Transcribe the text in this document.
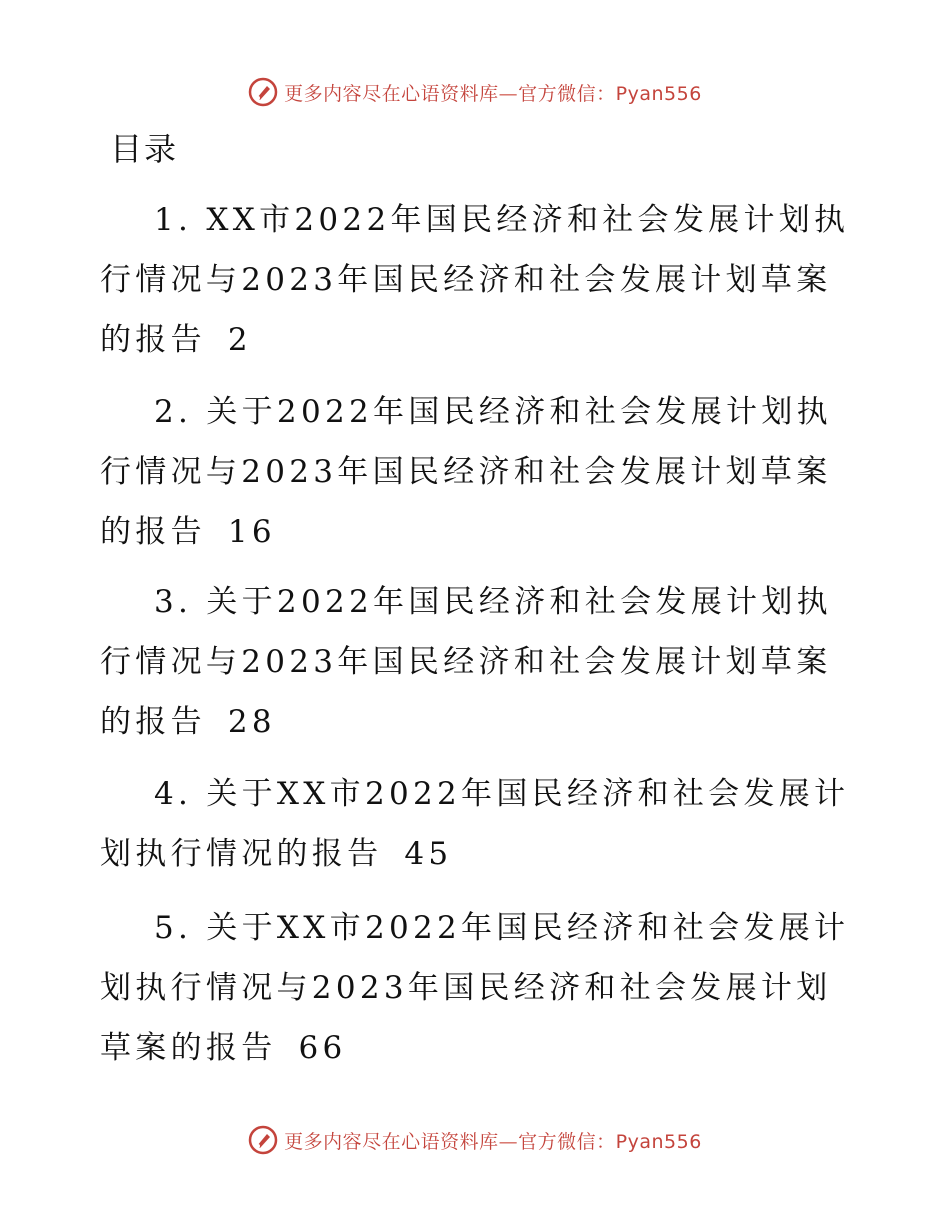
更多内容尽在心语资料库—官方微信：Pyan556
目录
1. XX市2022年国民经济和社会发展计划执行情况与2023年国民经济和社会发展计划草案的报告 2
2. 关于2022年国民经济和社会发展计划执行情况与2023年国民经济和社会发展计划草案的报告 16
3. 关于2022年国民经济和社会发展计划执行情况与2023年国民经济和社会发展计划草案的报告 28
4. 关于XX市2022年国民经济和社会发展计划执行情况的报告 45
5. 关于XX市2022年国民经济和社会发展计划执行情况与2023年国民经济和社会发展计划草案的报告 66
更多内容尽在心语资料库—官方微信：Pyan556
